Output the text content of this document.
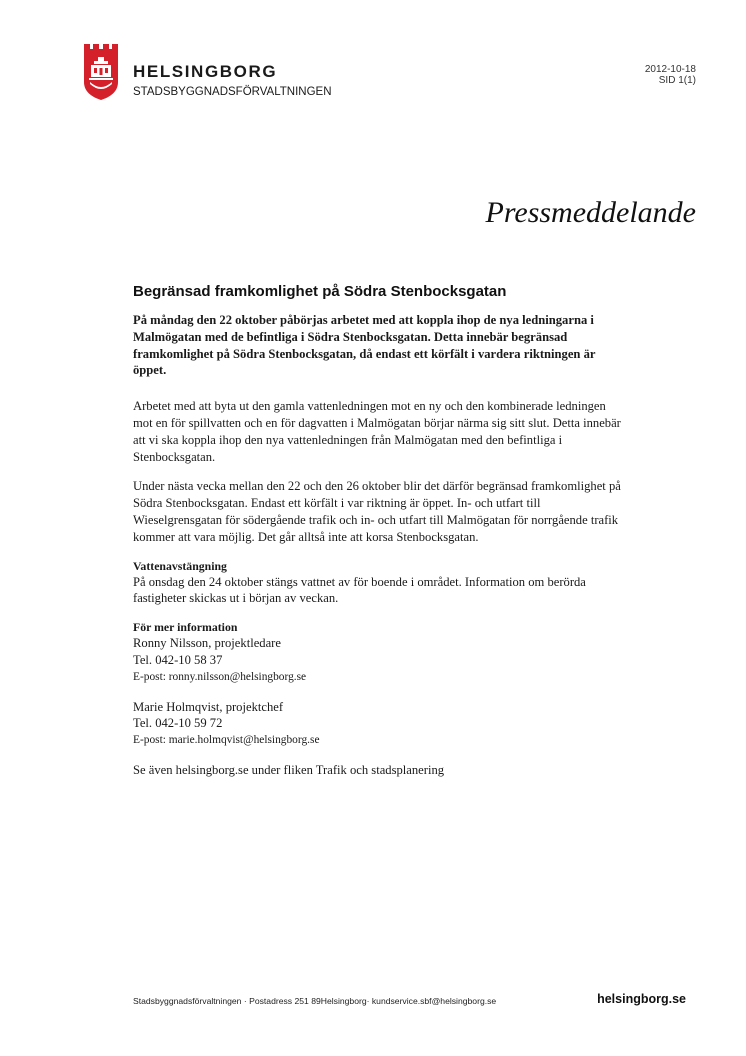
HELSINGBORG
STADSBYGGNADSFÖRVALTNINGEN
2012-10-18
SID 1(1)
Pressmeddelande
Begränsad framkomlighet på Södra Stenbocksgatan

På måndag den 22 oktober påbörjas arbetet med att koppla ihop de nya ledningarna i Malmögatan med de befintliga i Södra Stenbocksgatan. Detta innebär begränsad framkomlighet på Södra Stenbocksgatan, då endast ett körfält i vardera riktningen är öppet.

Arbetet med att byta ut den gamla vattenledningen mot en ny och den kombinerade ledningen mot en för spillvatten och en för dagvatten i Malmögatan börjar närma sig sitt slut. Detta innebär att vi ska koppla ihop den nya vattenledningen från Malmögatan med den befintliga i Stenbocksgatan.

Under nästa vecka mellan den 22 och den 26 oktober blir det därför begränsad framkomlighet på Södra Stenbocksgatan. Endast ett körfält i var riktning är öppet. In- och utfart till Wieselgrensgatan för södergående trafik och in- och utfart till Malmögatan för norrgående trafik kommer att vara möjlig. Det går alltså inte att korsa Stenbocksgatan.

Vattenavstängning

På onsdag den 24 oktober stängs vattnet av för boende i området. Information om berörda fastigheter skickas ut i början av veckan.

För mer information

Ronny Nilsson, projektledare
Tel. 042-10 58 37
E-post: ronny.nilsson@helsingborg.se
Marie Holmqvist, projektchef
Tel. 042-10 59 72
E-post: marie.holmqvist@helsingborg.se

Se även helsingborg.se under fliken Trafik och stadsplanering

Stadsbyggnadsförvaltningen · Postadress 251 89Helsingborg· kundservice.sbf@helsingborg.se	helsingborg.se
